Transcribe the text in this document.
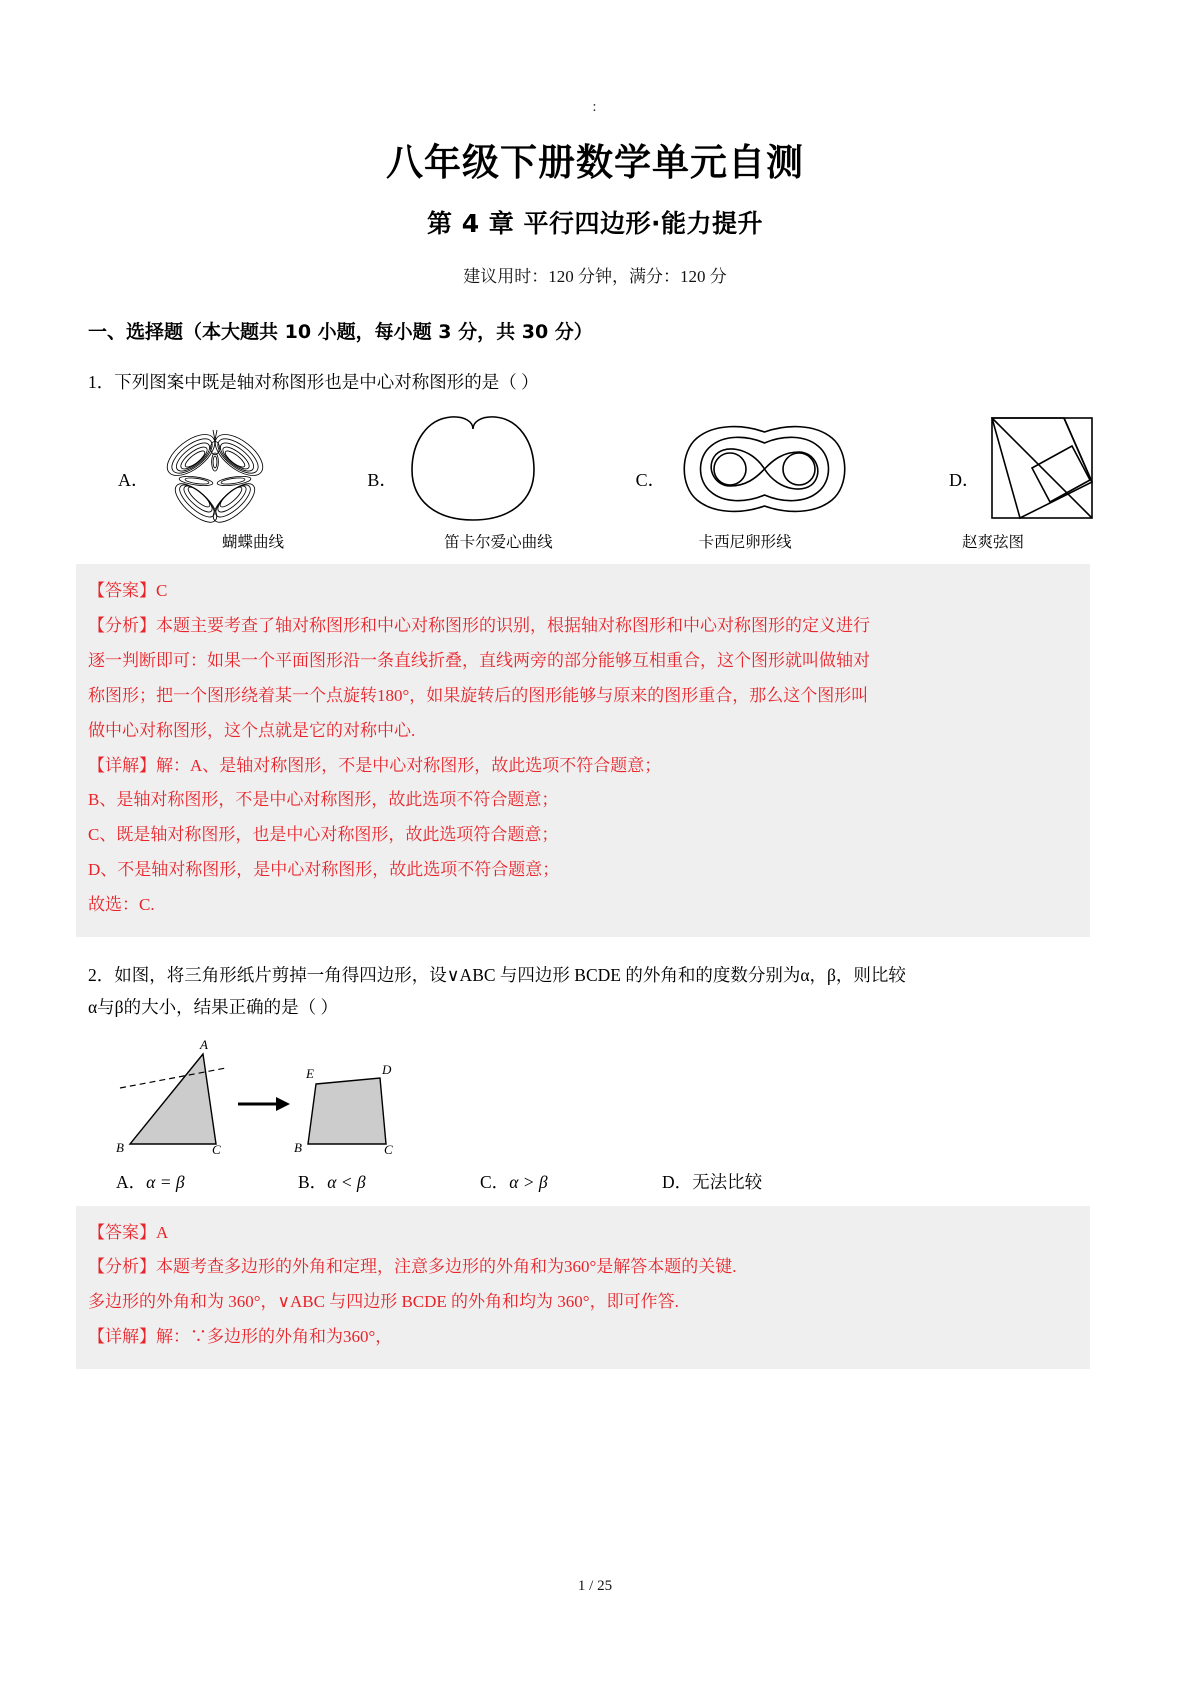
:
八年级下册数学单元自测
第 4 章 平行四边形·能力提升
建议用时：120 分钟，满分：120 分
一、选择题（本大题共 10 小题，每小题 3 分，共 30 分）
1．下列图案中既是轴对称图形也是中心对称图形的是（ ）
A．	B．	C．	D．
蝴蝶曲线	笛卡尔爱心曲线	卡西尼卵形线	赵爽弦图

【答案】C

【分析】本题主要考查了轴对称图形和中心对称图形的识别，根据轴对称图形和中心对称图形的定义进行

逐一判断即可：如果一个平面图形沿一条直线折叠，直线两旁的部分能够互相重合，这个图形就叫做轴对

称图形；把一个图形绕着某一个点旋转180°，如果旋转后的图形能够与原来的图形重合，那么这个图形叫

做中心对称图形，这个点就是它的对称中心.

【详解】解：A、是轴对称图形，不是中心对称图形，故此选项不符合题意；

B、是轴对称图形，不是中心对称图形，故此选项不符合题意；

C、既是轴对称图形，也是中心对称图形，故此选项符合题意；

D、不是轴对称图形，是中心对称图形，故此选项不符合题意；

故选：C.

2．如图，将三角形纸片剪掉一角得四边形，设∨ABC 与四边形 BCDE 的外角和的度数分别为α，β，则比较
α与β的大小，结果正确的是（ ）
A
B	C
E	D
B	C
A．α = β	B．α < β	C．α > β	D．无法比较

【答案】A

【分析】本题考查多边形的外角和定理，注意多边形的外角和为360°是解答本题的关键.

多边形的外角和为 360°，∨ABC 与四边形 BCDE 的外角和均为 360°，即可作答.

【详解】解：∵多边形的外角和为360°，

1 / 25
